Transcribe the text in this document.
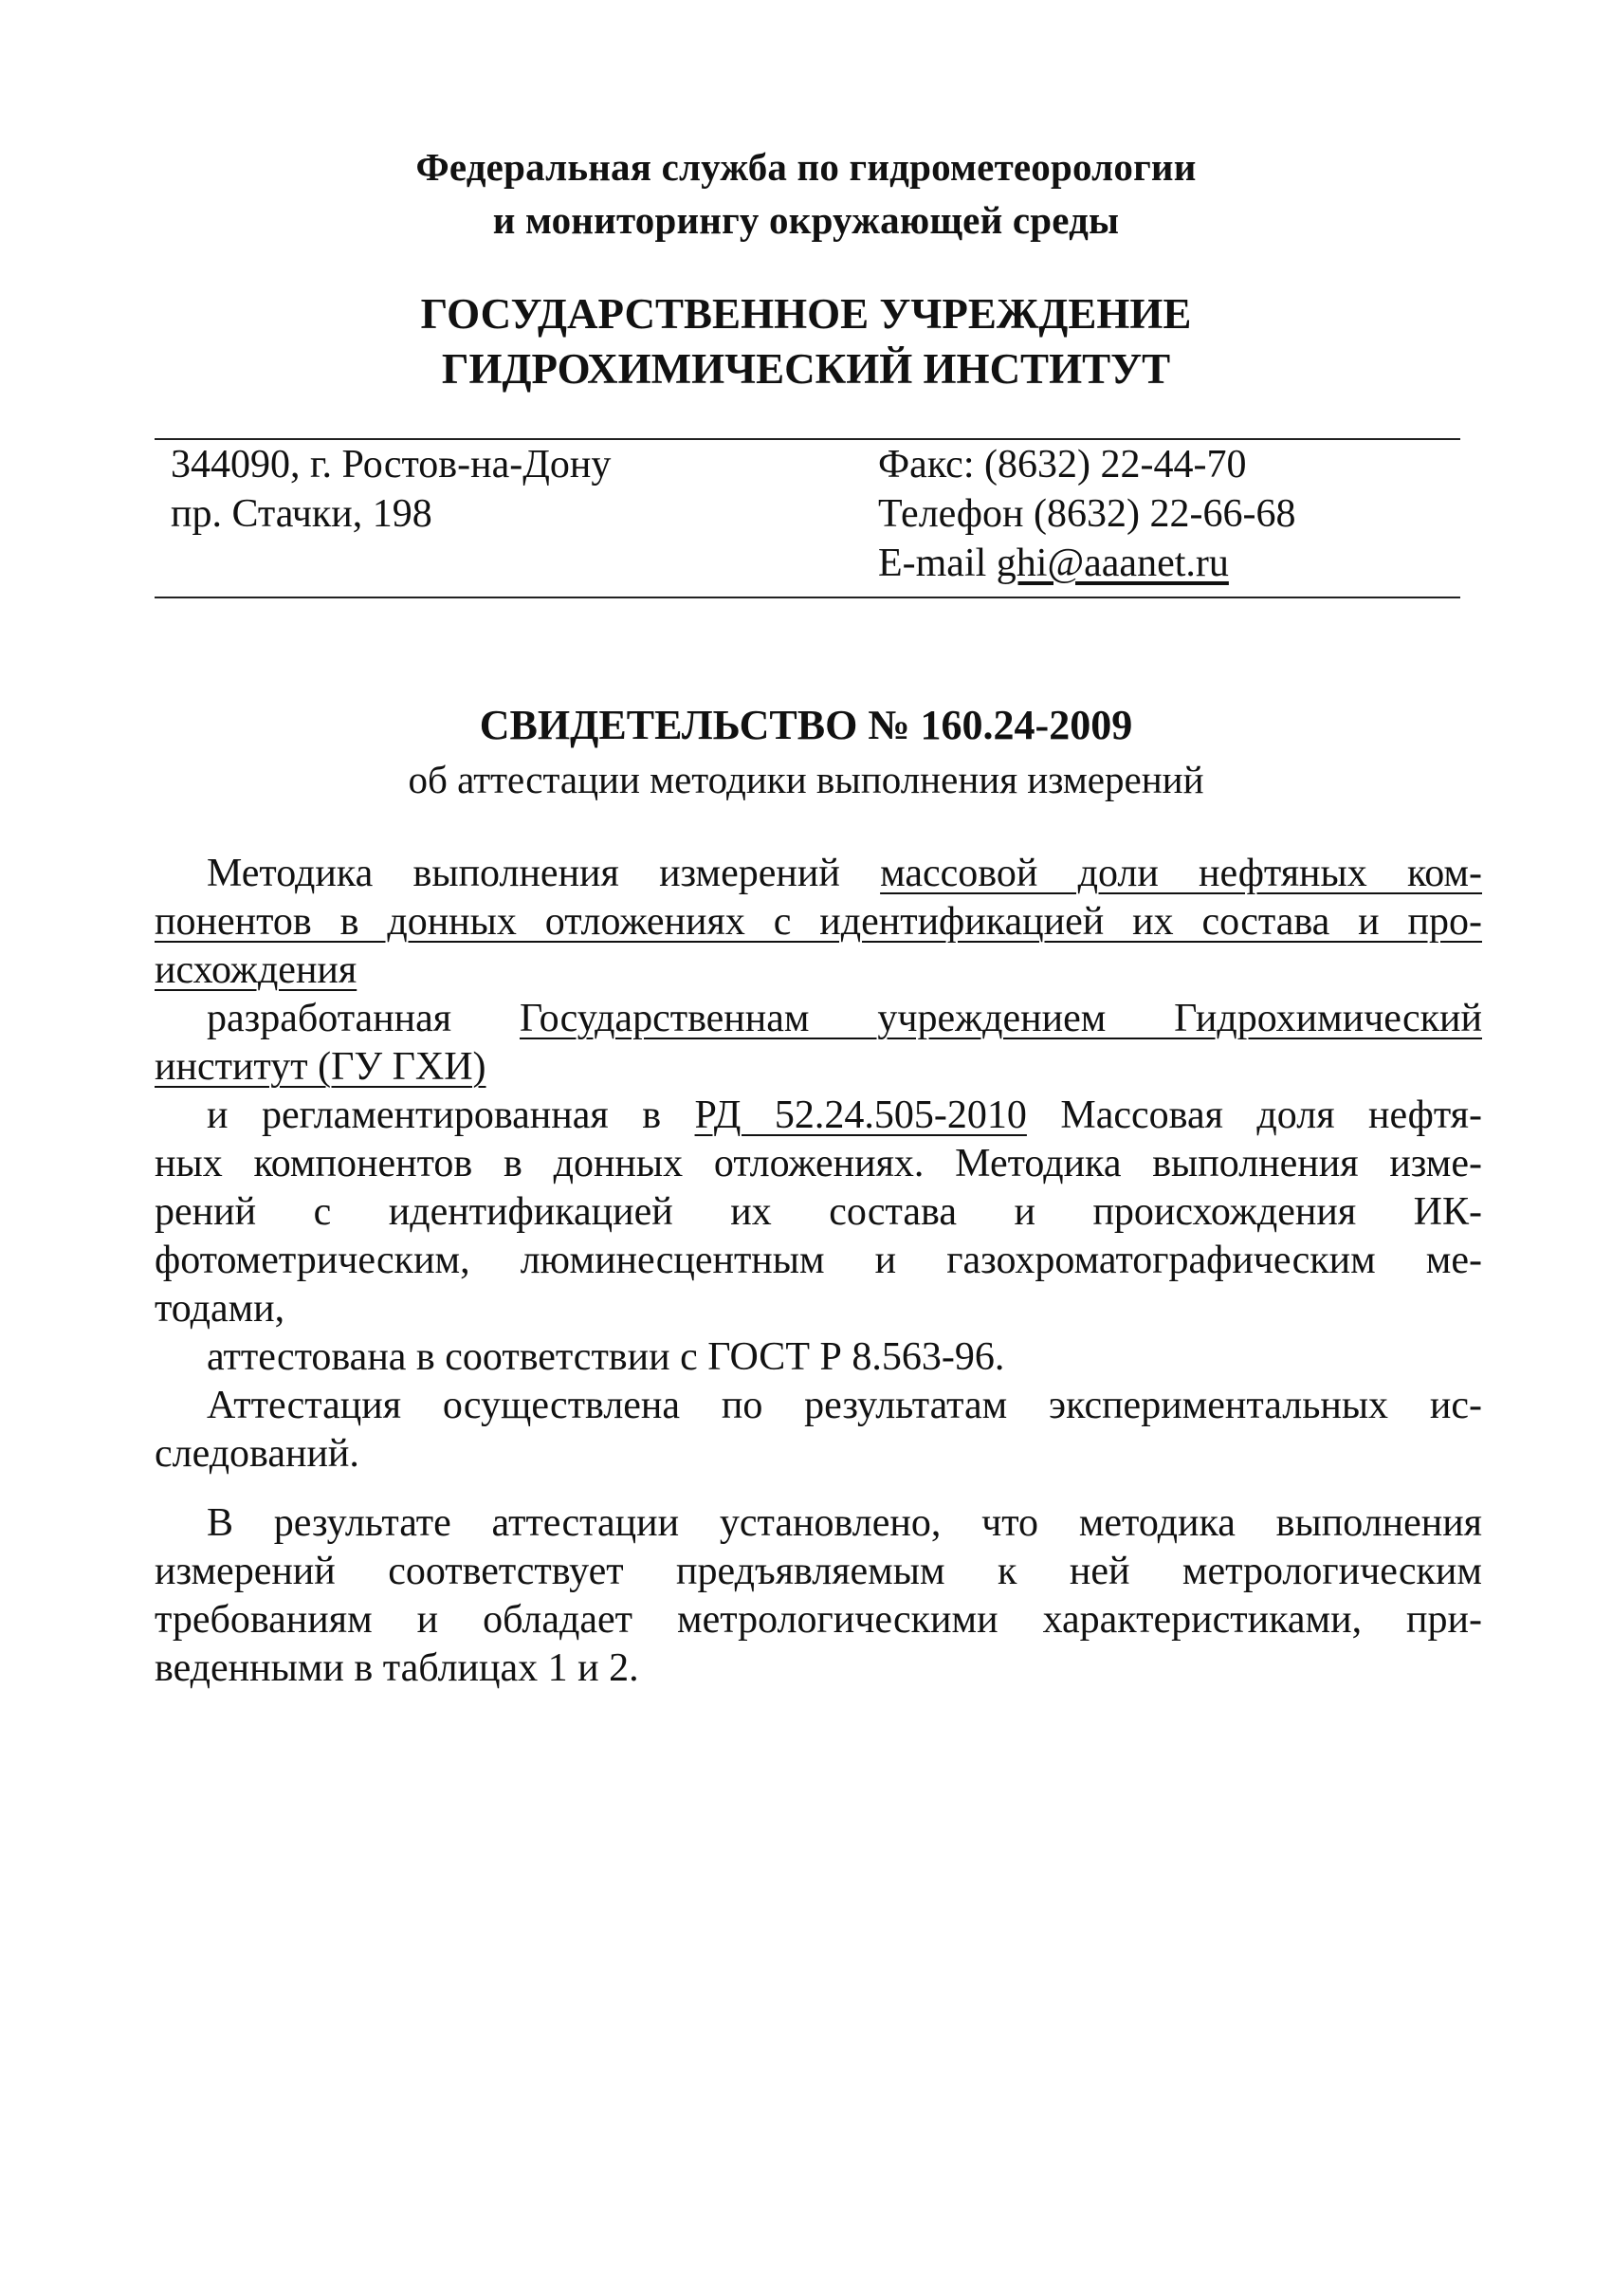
Федеральная служба по гидрометеорологии
и мониторингу окружающей среды
ГОСУДАРСТВЕННОЕ УЧРЕЖДЕНИЕ
ГИДРОХИМИЧЕСКИЙ ИНСТИТУТ
344090, г. Ростов-на-Дону
пр. Стачки, 198
Факс: (8632) 22-44-70
Телефон (8632) 22-66-68
E-mail ghi@aaanet.ru
СВИДЕТЕЛЬСТВО № 160.24-2009
об аттестации методики выполнения измерений
Методика выполнения измерений массовой доли нефтяных ком-
понентов в донных отложениях с идентификацией их состава и про-
исхождения
разработанная Государственнам учреждением Гидрохимический
институт (ГУ ГХИ)
и регламентированная в РД 52.24.505-2010 Массовая доля нефтя-
ных компонентов в донных отложениях. Методика выполнения изме-
рений с идентификацией их состава и происхождения ИК-
фотометрическим, люминесцентным и газохроматографическим ме-
тодами,
аттестована в соответствии с ГОСТ Р 8.563-96.
Аттестация осуществлена по результатам экспериментальных ис-
следований.
В результате аттестации установлено, что методика выполнения
измерений соответствует предъявляемым к ней метрологическим
требованиям и обладает метрологическими характеристиками, при-
веденными в таблицах 1 и 2.
